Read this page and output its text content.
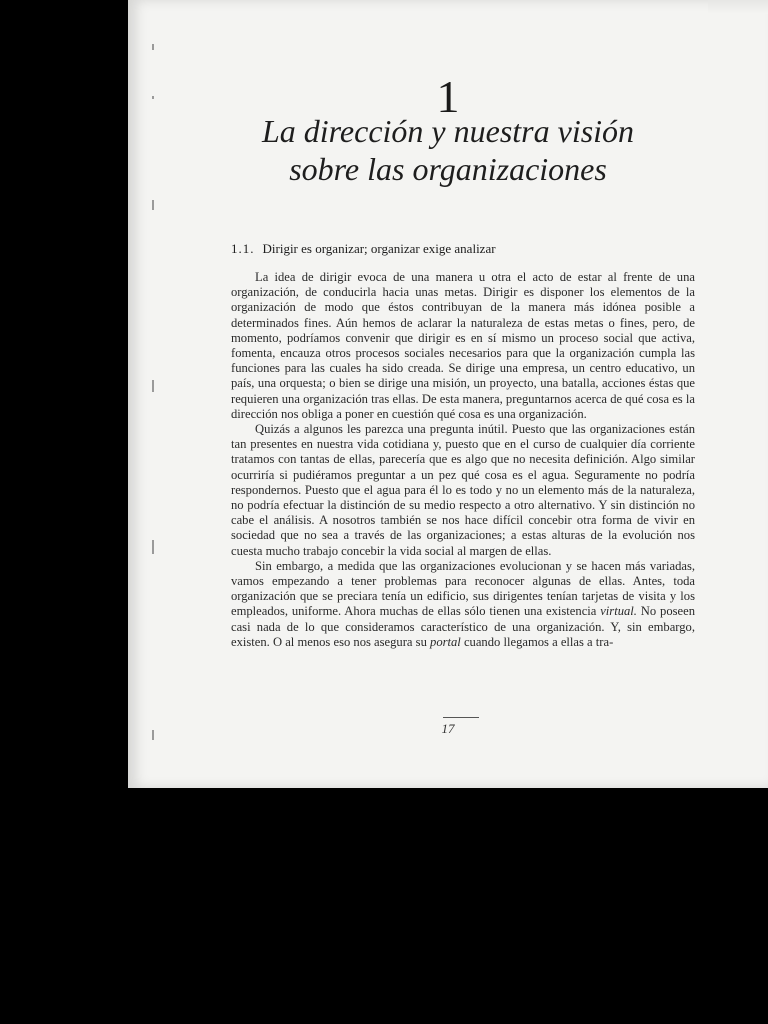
1
La dirección y nuestra visión
sobre las organizaciones
1.1. Dirigir es organizar; organizar exige analizar

La idea de dirigir evoca de una manera u otra el acto de estar al frente de una organización, de conducirla hacia unas metas. Dirigir es disponer los elementos de la organización de modo que éstos contribuyan de la manera más idónea posible a determinados fines. Aún hemos de aclarar la naturaleza de estas metas o fines, pero, de momento, podríamos convenir que dirigir es en sí mismo un proceso social que activa, fomenta, encauza otros procesos sociales necesarios para que la organización cumpla las funciones para las cuales ha sido creada. Se dirige una empresa, un centro educativo, un país, una orquesta; o bien se dirige una misión, un proyecto, una batalla, acciones éstas que requieren una organización tras ellas. De esta manera, preguntarnos acerca de qué cosa es la dirección nos obliga a poner en cuestión qué cosa es una organización.

Quizás a algunos les parezca una pregunta inútil. Puesto que las organizaciones están tan presentes en nuestra vida cotidiana y, puesto que en el curso de cualquier día corriente tratamos con tantas de ellas, parecería que es algo que no necesita definición. Algo similar ocurriría si pudiéramos preguntar a un pez qué cosa es el agua. Seguramente no podría respondernos. Puesto que el agua para él lo es todo y no un elemento más de la naturaleza, no podría efectuar la distinción de su medio respecto a otro alternativo. Y sin distinción no cabe el análisis. A nosotros también se nos hace difícil concebir otra forma de vivir en sociedad que no sea a través de las organizaciones; a estas alturas de la evolución nos cuesta mucho trabajo concebir la vida social al margen de ellas.

Sin embargo, a medida que las organizaciones evolucionan y se hacen más variadas, vamos empezando a tener problemas para reconocer algunas de ellas. Antes, toda organización que se preciara tenía un edificio, sus dirigentes tenían tarjetas de visita y los empleados, uniforme. Ahora muchas de ellas sólo tienen una existencia virtual. No poseen casi nada de lo que consideramos característico de una organización. Y, sin embargo, existen. O al menos eso nos asegura su portal cuando llegamos a ellas a tra-

17
